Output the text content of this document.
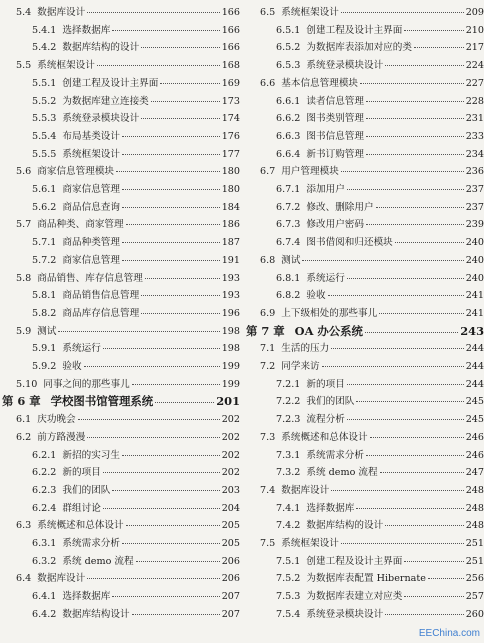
5.4 数据库设计	166
5.4.1 选择数据库	166
5.4.2 数据库结构的设计	166
5.5 系统框架设计	168
5.5.1 创建工程及设计主界面	169
5.5.2 为数据库建立连接类	173
5.5.3 系统登录模块设计	174
5.5.4 布局基类设计	176
5.5.5 系统框架设计	177
5.6 商家信息管理模块	180
5.6.1 商家信息管理	180
5.6.2 商品信息查询	184
5.7 商品种类、商家管理	186
5.7.1 商品种类管理	187
5.7.2 商家信息管理	191
5.8 商品销售、库存信息管理	193
5.8.1 商品销售信息管理	193
5.8.2 商品库存信息管理	196
5.9 测试	198
5.9.1 系统运行	198
5.9.2 验收	199
5.10 同事之间的那些事儿	199
第 6 章 学校图书馆管理系统	201
6.1 庆功晚会	202
6.2 前方路漫漫	202
6.2.1 新招的实习生	202
6.2.2 新的项目	202
6.2.3 我们的团队	203
6.2.4 群组讨论	204
6.3 系统概述和总体设计	205
6.3.1 系统需求分析	205
6.3.2 系统 demo 流程	206
6.4 数据库设计	206
6.4.1 选择数据库	207
6.4.2 数据库结构设计	207
6.5 系统框架设计	209
6.5.1 创建工程及设计主界面	210
6.5.2 为数据库表添加对应的类	217
6.5.3 系统登录模块设计	224
6.6 基本信息管理模块	227
6.6.1 读者信息管理	228
6.6.2 图书类别管理	231
6.6.3 图书信息管理	233
6.6.4 新书订购管理	234
6.7 用户管理模块	236
6.7.1 添加用户	237
6.7.2 修改、删除用户	237
6.7.3 修改用户密码	239
6.7.4 图书借阅和归还模块	240
6.8 测试	240
6.8.1 系统运行	240
6.8.2 验收	241
6.9 上下级相处的那些事儿	241
第 7 章 OA 办公系统	243
7.1 生活的压力	244
7.2 同学来访	244
7.2.1 新的项目	244
7.2.2 我们的团队	245
7.2.3 流程分析	245
7.3 系统概述和总体设计	246
7.3.1 系统需求分析	246
7.3.2 系统 demo 流程	247
7.4 数据库设计	248
7.4.1 选择数据库	248
7.4.2 数据库结构的设计	248
7.5 系统框架设计	251
7.5.1 创建工程及设计主界面	251
7.5.2 为数据库表配置 Hibernate	256
7.5.3 为数据库表建立对应类	257
7.5.4 系统登录模块设计	260
EEChina.com
